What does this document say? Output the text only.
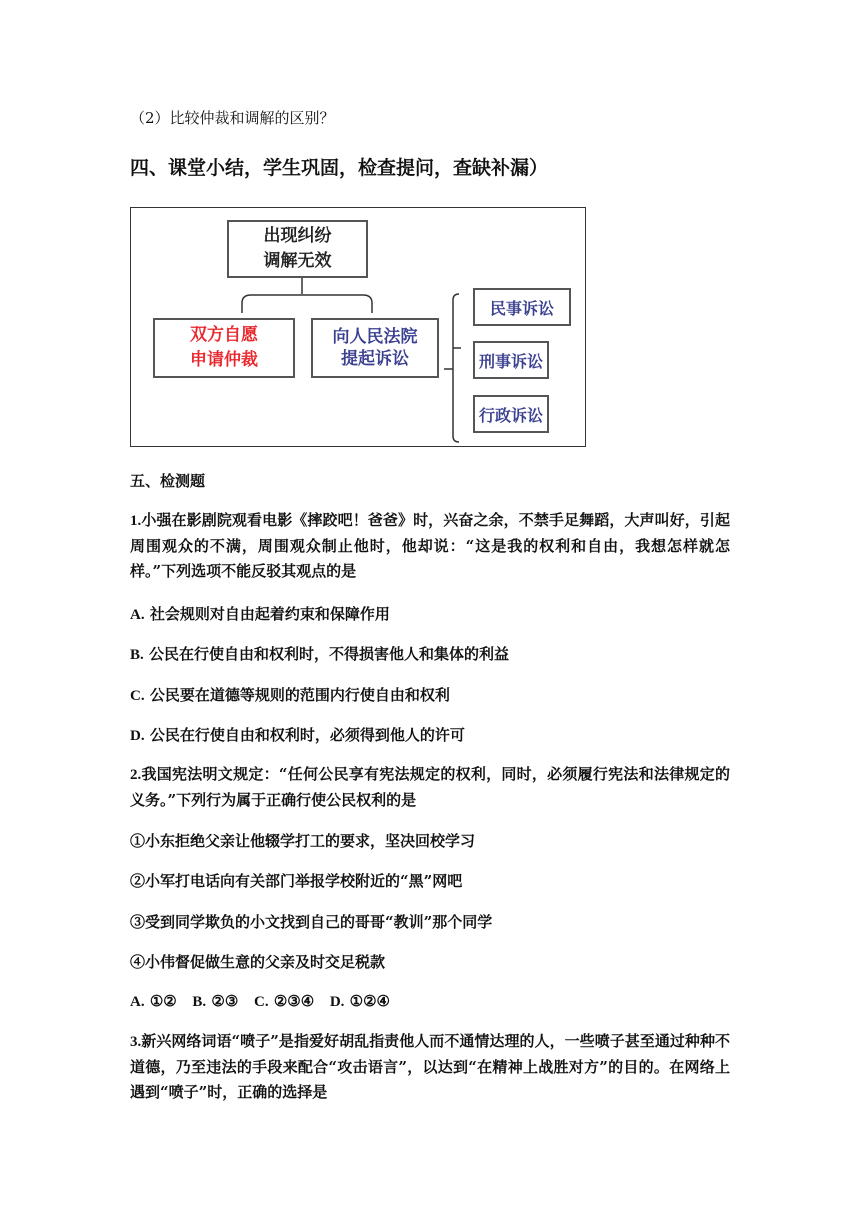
（2）比较仲裁和调解的区别？
四、课堂小结，学生巩固，检查提问，查缺补漏）
出现纠纷
调解无效
双方自愿
申请仲裁
向人民法院
提起诉讼
民事诉讼
刑事诉讼
行政诉讼
五、检测题
1.小强在影剧院观看电影《摔跤吧！爸爸》时，兴奋之余，不禁手足舞蹈，大声叫好，引起周围观众的不满，周围观众制止他时，他却说：“这是我的权利和自由，我想怎样就怎样。”下列选项不能反驳其观点的是
A. 社会规则对自由起着约束和保障作用
B. 公民在行使自由和权利时，不得损害他人和集体的利益
C. 公民要在道德等规则的范围内行使自由和权利
D. 公民在行使自由和权利时，必须得到他人的许可
2.我国宪法明文规定：“任何公民享有宪法规定的权利，同时，必须履行宪法和法律规定的义务。”下列行为属于正确行使公民权利的是
①小东拒绝父亲让他辍学打工的要求，坚决回校学习
②小军打电话向有关部门举报学校附近的“黑”网吧
③受到同学欺负的小文找到自己的哥哥“教训”那个同学
④小伟督促做生意的父亲及时交足税款
A. ①② B. ②③ C. ②③④ D. ①②④
3.新兴网络词语“喷子”是指爱好胡乱指责他人而不通情达理的人，一些喷子甚至通过种种不道德，乃至违法的手段来配合“攻击语言”，以达到“在精神上战胜对方”的目的。在网络上遇到“喷子”时，正确的选择是
